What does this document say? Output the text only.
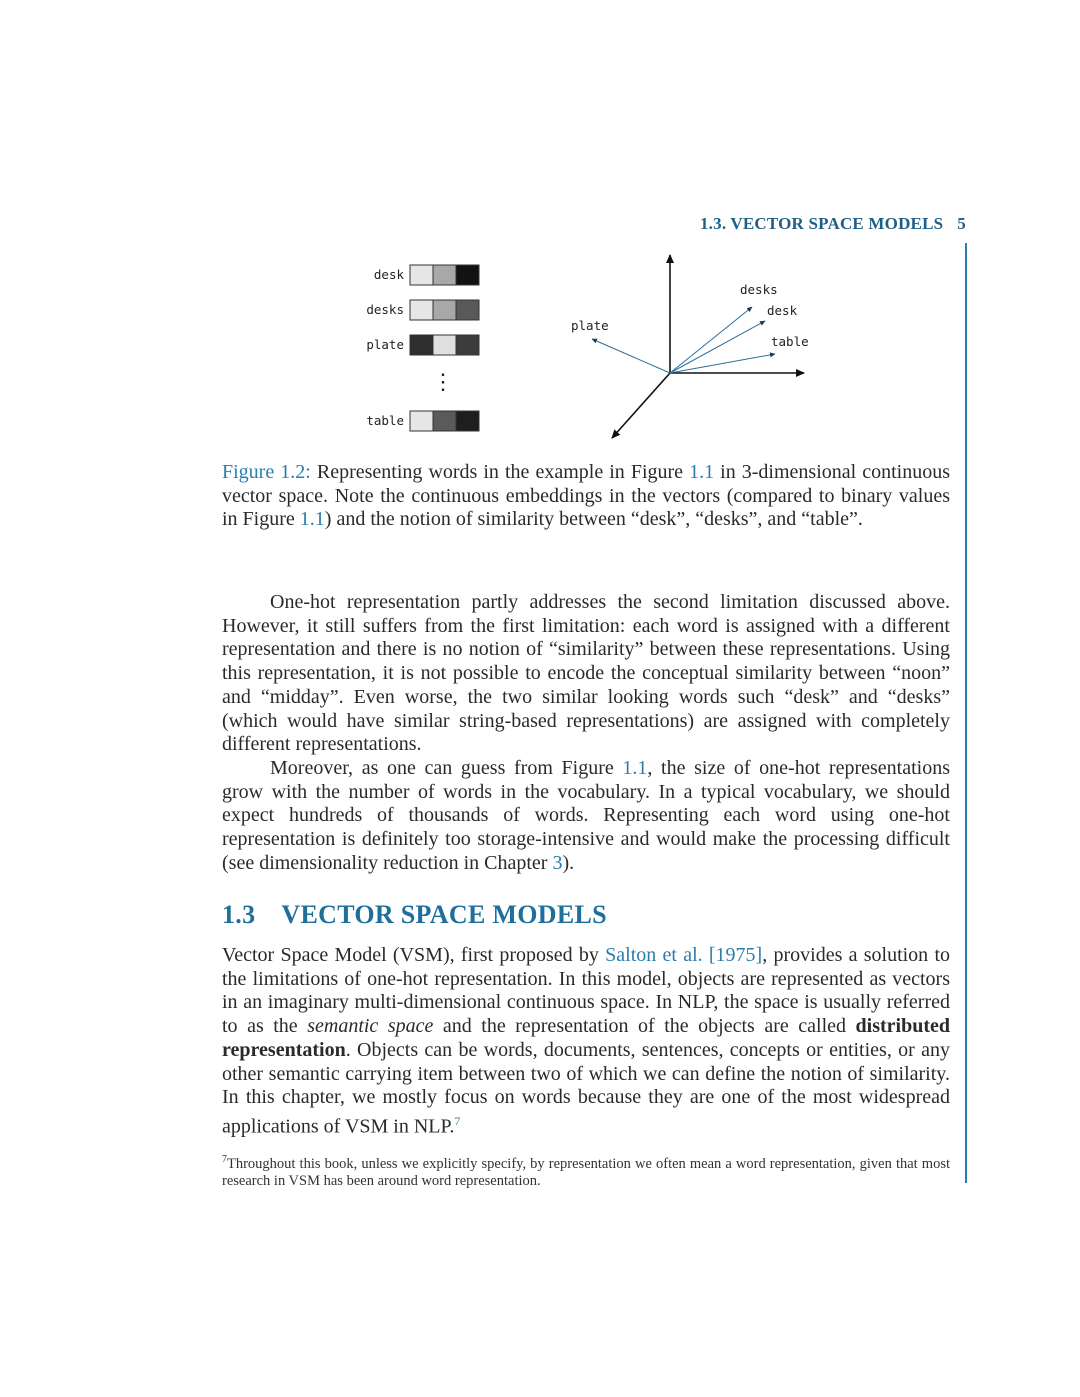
1.3. VECTOR SPACE MODELS 5
desk
desks
plate
⋮
table
desks
desk
table
plate
Figure 1.2: Representing words in the example in Figure 1.1 in 3-dimensional continuous vector space. Note the continuous embeddings in the vectors (compared to binary values in Figure 1.1) and the notion of similarity between “desk”, “desks”, and “table”.

One-hot representation partly addresses the second limitation discussed above. However, it still suffers from the first limitation: each word is assigned with a different representation and there is no notion of “similarity” between these representations. Using this representation, it is not possible to encode the conceptual similarity between “noon” and “midday”. Even worse, the two similar looking words such “desk” and “desks” (which would have similar string-based representations) are assigned with completely different representations.

Moreover, as one can guess from Figure 1.1, the size of one-hot representations grow with the number of words in the vocabulary. In a typical vocabulary, we should expect hundreds of thousands of words. Representing each word using one-hot representation is definitely too storage-intensive and would make the processing difficult (see dimensionality reduction in Chapter 3).

1.3 VECTOR SPACE MODELS

Vector Space Model (VSM), first proposed by Salton et al. [1975], provides a solution to the limitations of one-hot representation. In this model, objects are represented as vectors in an imaginary multi-dimensional continuous space. In NLP, the space is usually referred to as the semantic space and the representation of the objects are called distributed representation. Objects can be words, documents, sentences, concepts or entities, or any other semantic carrying item between two of which we can define the notion of similarity. In this chapter, we mostly focus on words because they are one of the most widespread applications of VSM in NLP.$^7$

$^7$Throughout this book, unless we explicitly specify, by representation we often mean a word representation, given that most research in VSM has been around word representation.
